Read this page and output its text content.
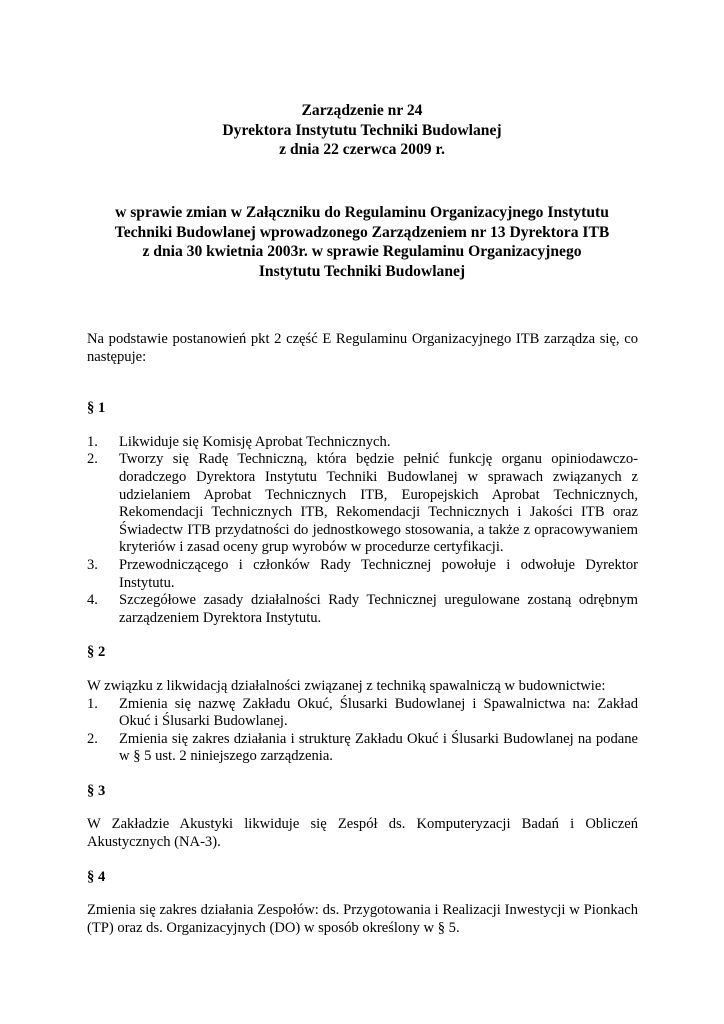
Zarządzenie nr 24
Dyrektora Instytutu Techniki Budowlanej
z dnia 22 czerwca 2009 r.
w sprawie zmian w Załączniku do Regulaminu Organizacyjnego Instytutu
Techniki Budowlanej wprowadzonego Zarządzeniem nr 13 Dyrektora ITB
z dnia 30 kwietnia 2003r. w sprawie Regulaminu Organizacyjnego
Instytutu Techniki Budowlanej

Na podstawie postanowień pkt 2 część E Regulaminu Organizacyjnego ITB zarządza się, co następuje:

§ 1

1. Likwiduje się Komisję Aprobat Technicznych.
2. Tworzy się Radę Techniczną, która będzie pełnić funkcję organu opiniodawczo-doradczego Dyrektora Instytutu Techniki Budowlanej w sprawach związanych z udzielaniem Aprobat Technicznych ITB, Europejskich Aprobat Technicznych, Rekomendacji Technicznych ITB, Rekomendacji Technicznych i Jakości ITB oraz Świadectw ITB przydatności do jednostkowego stosowania, a także z opracowywaniem kryteriów i zasad oceny grup wyrobów w procedurze certyfikacji.
3. Przewodniczącego i członków Rady Technicznej powołuje i odwołuje Dyrektor Instytutu.
4. Szczegółowe zasady działalności Rady Technicznej uregulowane zostaną odrębnym zarządzeniem Dyrektora Instytutu.

§ 2

W związku z likwidacją działalności związanej z techniką spawalniczą w budownictwie:

1. Zmienia się nazwę Zakładu Okuć, Ślusarki Budowlanej i Spawalnictwa na: Zakład Okuć i Ślusarki Budowlanej.
2. Zmienia się zakres działania i strukturę Zakładu Okuć i Ślusarki Budowlanej na podane w § 5 ust. 2 niniejszego zarządzenia.

§ 3

W Zakładzie Akustyki likwiduje się Zespół ds. Komputeryzacji Badań i Obliczeń Akustycznych (NA-3).

§ 4

Zmienia się zakres działania Zespołów: ds. Przygotowania i Realizacji Inwestycji w Pionkach (TP) oraz ds. Organizacyjnych (DO) w sposób określony w § 5.
